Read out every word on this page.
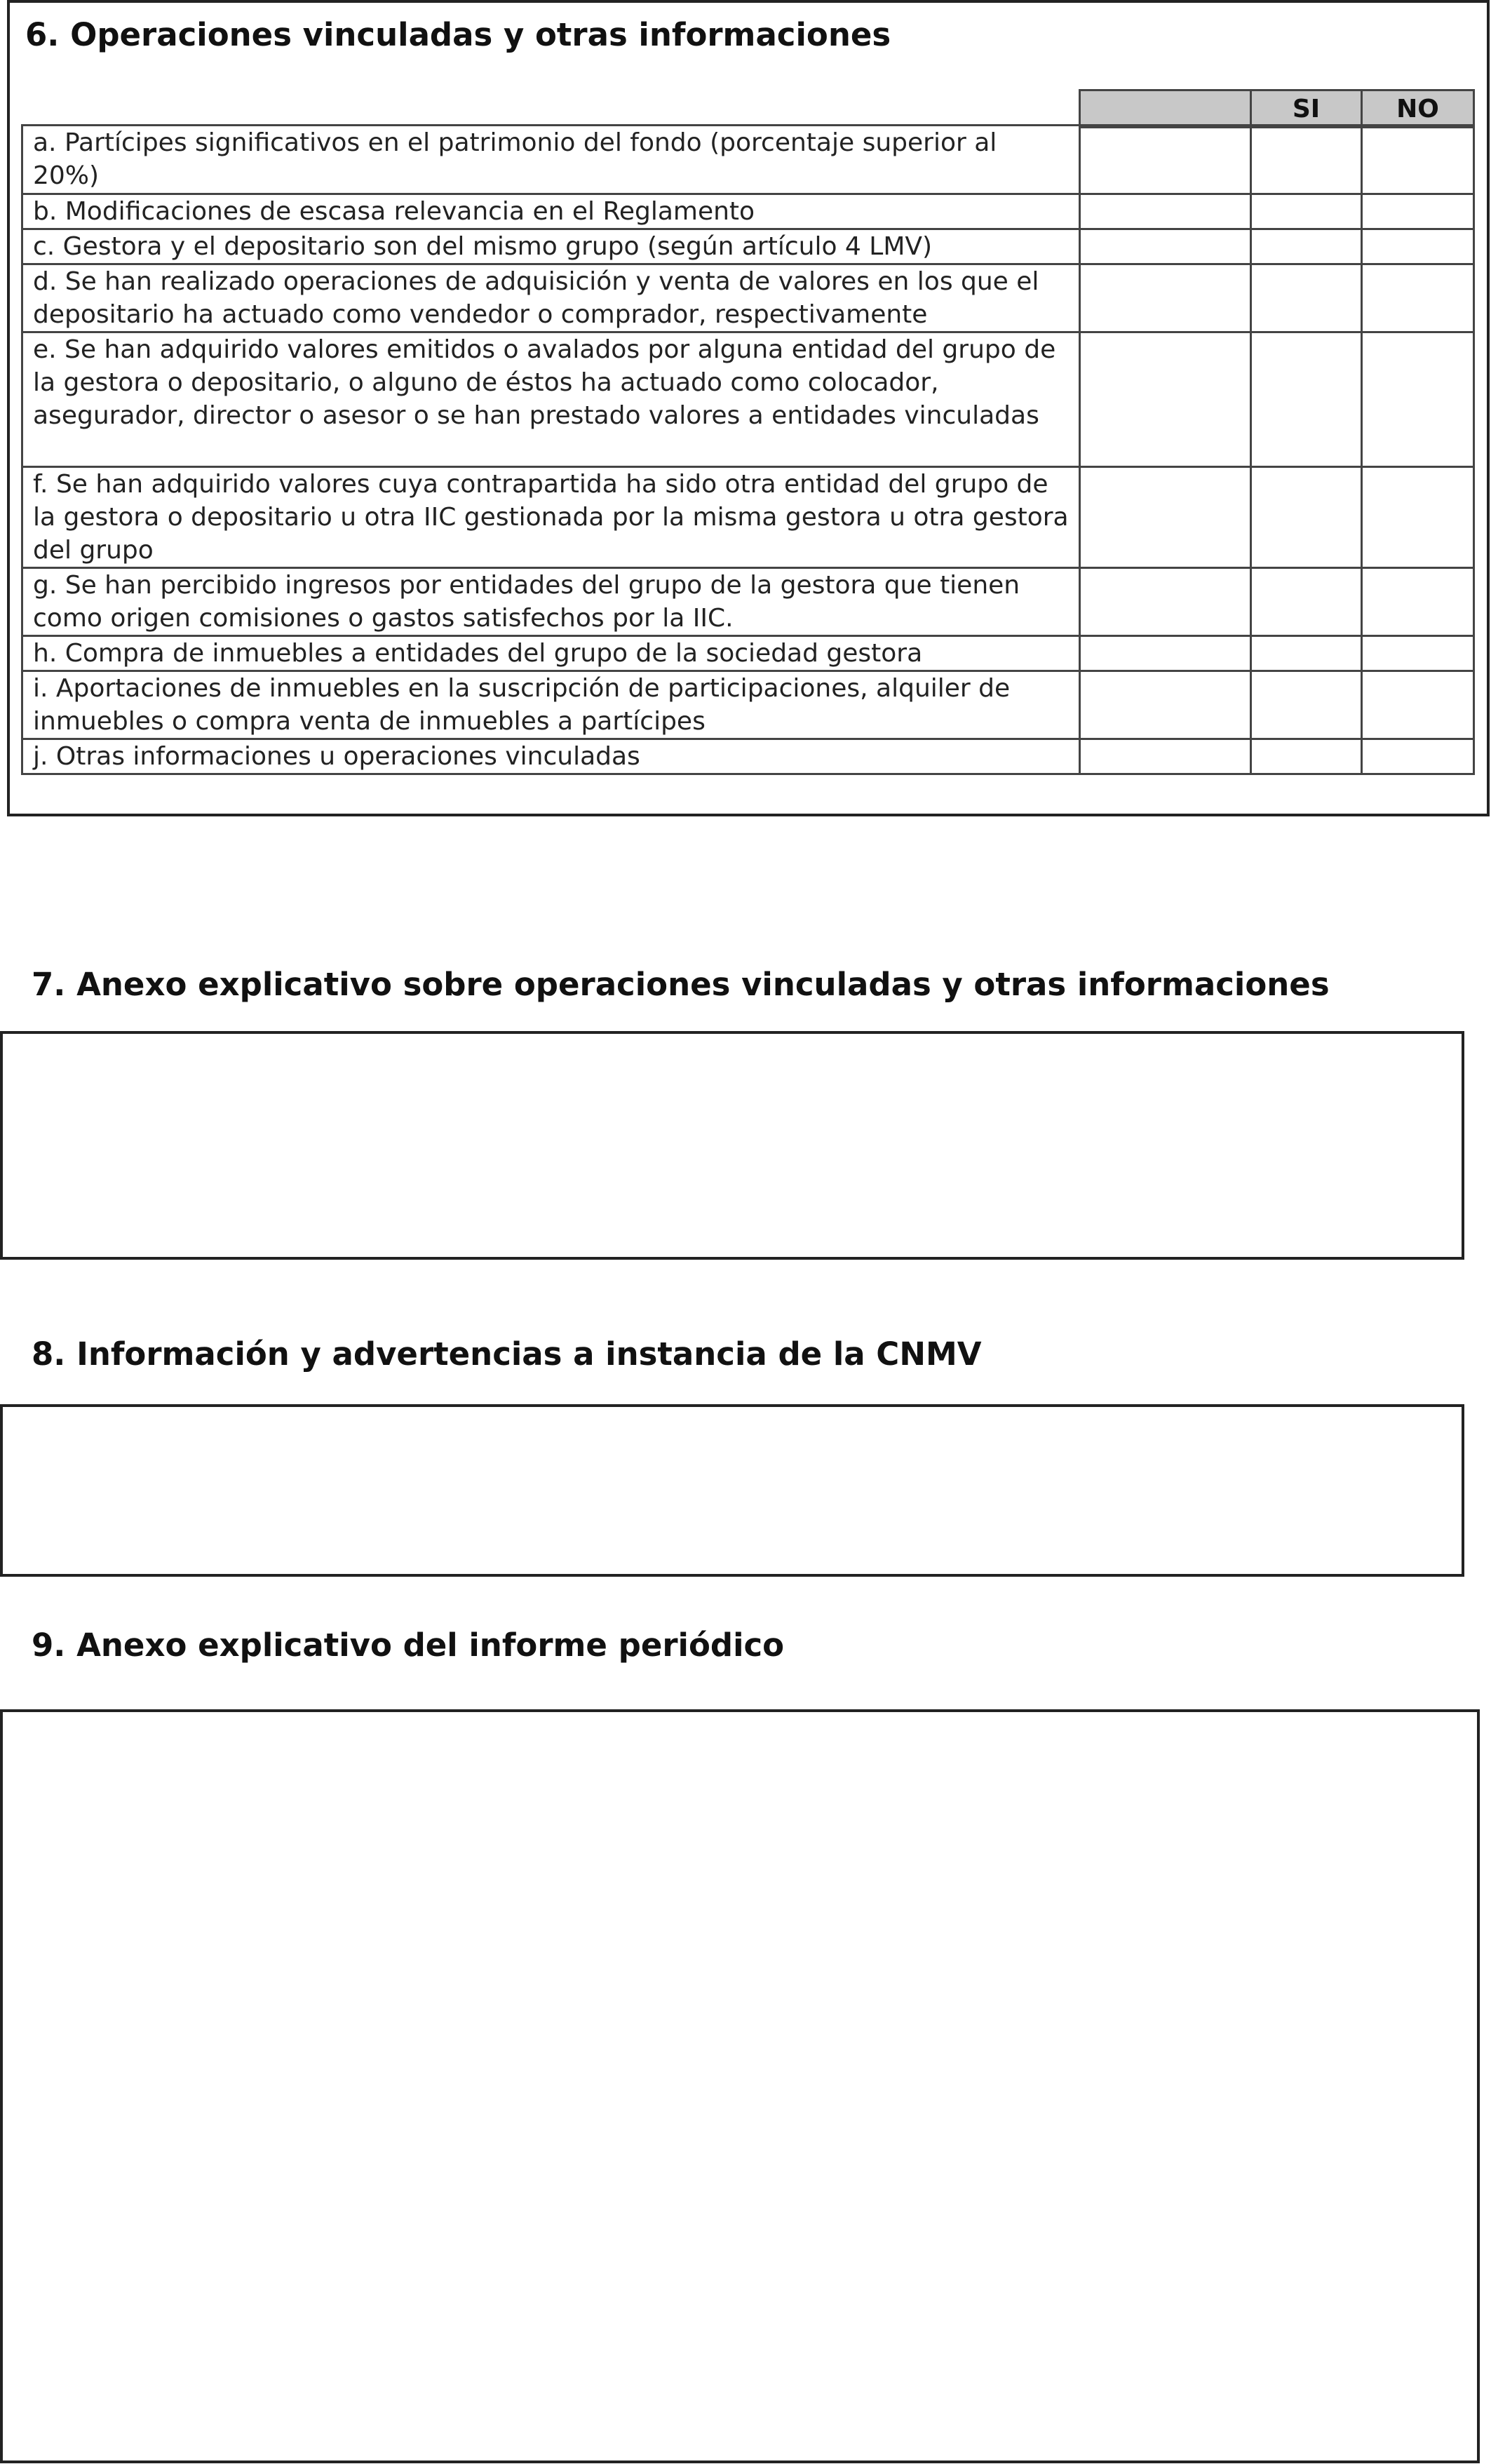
6. Operaciones vinculadas y otras informaciones
	SI	NO
a. Partícipes significativos en el patrimonio del fondo (porcentaje superior al 20%)			
b. Modificaciones de escasa relevancia en el Reglamento			
c. Gestora y el depositario son del mismo grupo (según artículo 4 LMV)			
d. Se han realizado operaciones de adquisición y venta de valores en los que el depositario ha actuado como vendedor o comprador, respectivamente			
e. Se han adquirido valores emitidos o avalados por alguna entidad del grupo de la gestora o depositario, o alguno de éstos ha actuado como colocador, asegurador, director o asesor o se han prestado valores a entidades vinculadas			
f. Se han adquirido valores cuya contrapartida ha sido otra entidad del grupo de la gestora o depositario u otra IIC gestionada por la misma gestora u otra gestora del grupo			
g. Se han percibido ingresos por entidades del grupo de la gestora que tienen como origen comisiones o gastos satisfechos por la IIC.			
h. Compra de inmuebles a entidades del grupo de la sociedad gestora			
i. Aportaciones de inmuebles en la suscripción de participaciones, alquiler de inmuebles o compra venta de inmuebles a partícipes			
j. Otras informaciones u operaciones vinculadas			
7. Anexo explicativo sobre operaciones vinculadas y otras informaciones
8. Información y advertencias a instancia de la CNMV
9. Anexo explicativo del informe periódico
